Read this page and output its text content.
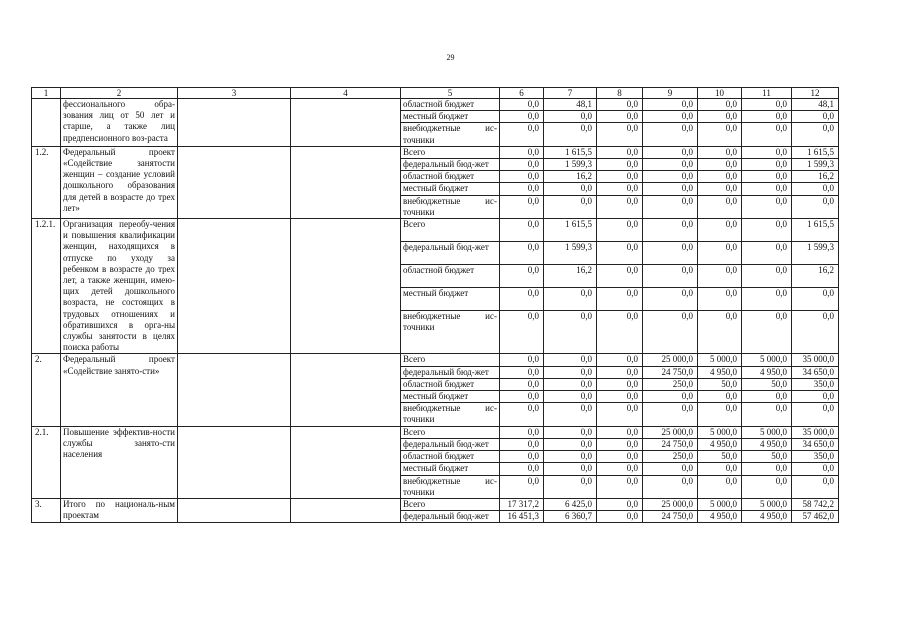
29
1	2	3	4	5	6	7	8	9	10	11	12
	фессионального обра-зования лиц от 50 лет и старше, а также лиц предпенсионного воз-раста			областной бюджет	0,0	48,1	0,0	0,0	0,0	0,0	48,1
				местный бюджет	0,0	0,0	0,0	0,0	0,0	0,0	0,0
				внебюджетные ис-точники	0,0	0,0	0,0	0,0	0,0	0,0	0,0
1.2.	Федеральный проект «Содействие занятости женщин – создание условий дошкольного образования для детей в возрасте до трех лет»			Всего	0,0	1 615,5	0,0	0,0	0,0	0,0	1 615,5
				федеральный бюд-жет	0,0	1 599,3	0,0	0,0	0,0	0,0	1 599,3
				областной бюджет	0,0	16,2	0,0	0,0	0,0	0,0	16,2
				местный бюджет	0,0	0,0	0,0	0,0	0,0	0,0	0,0
				внебюджетные ис-точники	0,0	0,0	0,0	0,0	0,0	0,0	0,0
1.2.1.	Организация переобу-чения и повышения квалификации женщин, находящихся в отпуске по уходу за ребенком в возрасте до трех лет, а также женщин, имею-щих детей дошкольного возраста, не состоящих в трудовых отношениях и обратившихся в орга-ны службы занятости в целях поиска работы			Всего	0,0	1 615,5	0,0	0,0	0,0	0,0	1 615,5
				федеральный бюд-жет	0,0	1 599,3	0,0	0,0	0,0	0,0	1 599,3
				областной бюджет	0,0	16,2	0,0	0,0	0,0	0,0	16,2
				местный бюджет	0,0	0,0	0,0	0,0	0,0	0,0	0,0
				внебюджетные ис-точники	0,0	0,0	0,0	0,0	0,0	0,0	0,0
2.	Федеральный проект «Содействие занято-сти»			Всего	0,0	0,0	0,0	25 000,0	5 000,0	5 000,0	35 000,0
				федеральный бюд-жет	0,0	0,0	0,0	24 750,0	4 950,0	4 950,0	34 650,0
				областной бюджет	0,0	0,0	0,0	250,0	50,0	50,0	350,0
				местный бюджет	0,0	0,0	0,0	0,0	0,0	0,0	0,0
				внебюджетные ис-точники	0,0	0,0	0,0	0,0	0,0	0,0	0,0
2.1.	Повышение эффектив-ности службы занято-сти населения			Всего	0,0	0,0	0,0	25 000,0	5 000,0	5 000,0	35 000,0
				федеральный бюд-жет	0,0	0,0	0,0	24 750,0	4 950,0	4 950,0	34 650,0
				областной бюджет	0,0	0,0	0,0	250,0	50,0	50,0	350,0
				местный бюджет	0,0	0,0	0,0	0,0	0,0	0,0	0,0
				внебюджетные ис-точники	0,0	0,0	0,0	0,0	0,0	0,0	0,0
3.	Итого по националь-ным проектам			Всего	17 317,2	6 425,0	0,0	25 000,0	5 000,0	5 000,0	58 742,2
				федеральный бюд-жет	16 451,3	6 360,7	0,0	24 750,0	4 950,0	4 950,0	57 462,0
